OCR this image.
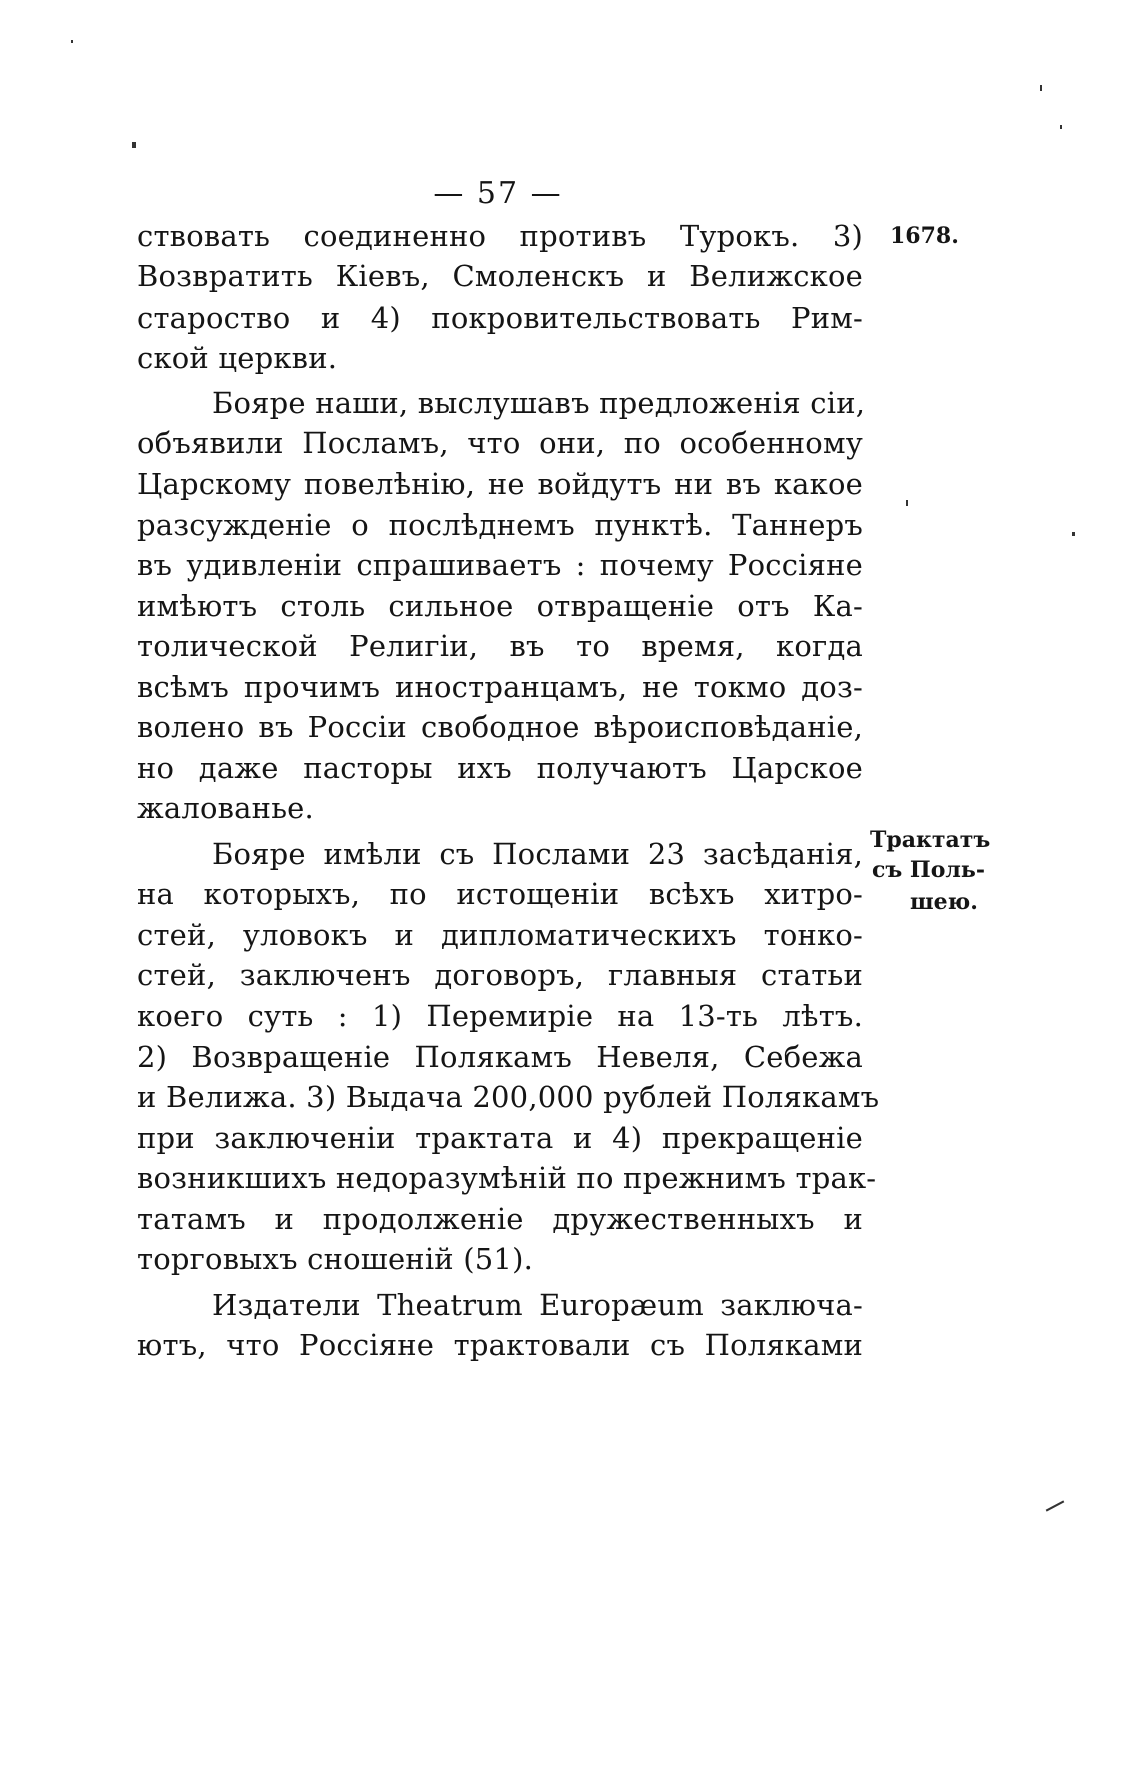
— 57 —
ствовать соединенно противъ Турокъ. 3)
Возвратить Кіевъ, Смоленскъ и Велижское
староство и 4) покровительствовать Рим-
ской церкви.
Бояре наши, выслушавъ предложенія сіи,
объявили Посламъ, что они, по особенному
Царскому повелѣнію, не войдутъ ни въ какое
разсужденіе о послѣднемъ пунктѣ. Таннеръ
въ удивленіи спрашиваетъ : почему Россіяне
имѣютъ столь сильное отвращеніе отъ Ка-
толической Религіи, въ то время, когда
всѣмъ прочимъ иностранцамъ, не токмо доз-
волено въ Россіи свободное вѣроисповѣданіе,
но даже пасторы ихъ получаютъ Царское
жалованье.
Бояре имѣли съ Послами 23 засѣданія,
на которыхъ, по истощеніи всѣхъ хитро-
стей, уловокъ и дипломатическихъ тонко-
стей, заключенъ договоръ, главныя статьи
коего суть : 1) Перемиріе на 13-ть лѣтъ.
2) Возвращеніе Полякамъ Невеля, Себежа
и Велижа. 3) Выдача 200,000 рублей Полякамъ
при заключеніи трактата и 4) прекращеніе
возникшихъ недоразумѣній по прежнимъ трак-
татамъ и продолженіе дружественныхъ и
торговыхъ сношеній (51).
Издатели Theatrum Europæum заключа-
ютъ, что Россіяне трактовали съ Поляками
1678.
Трактатъ
съ Поль-
шею.
